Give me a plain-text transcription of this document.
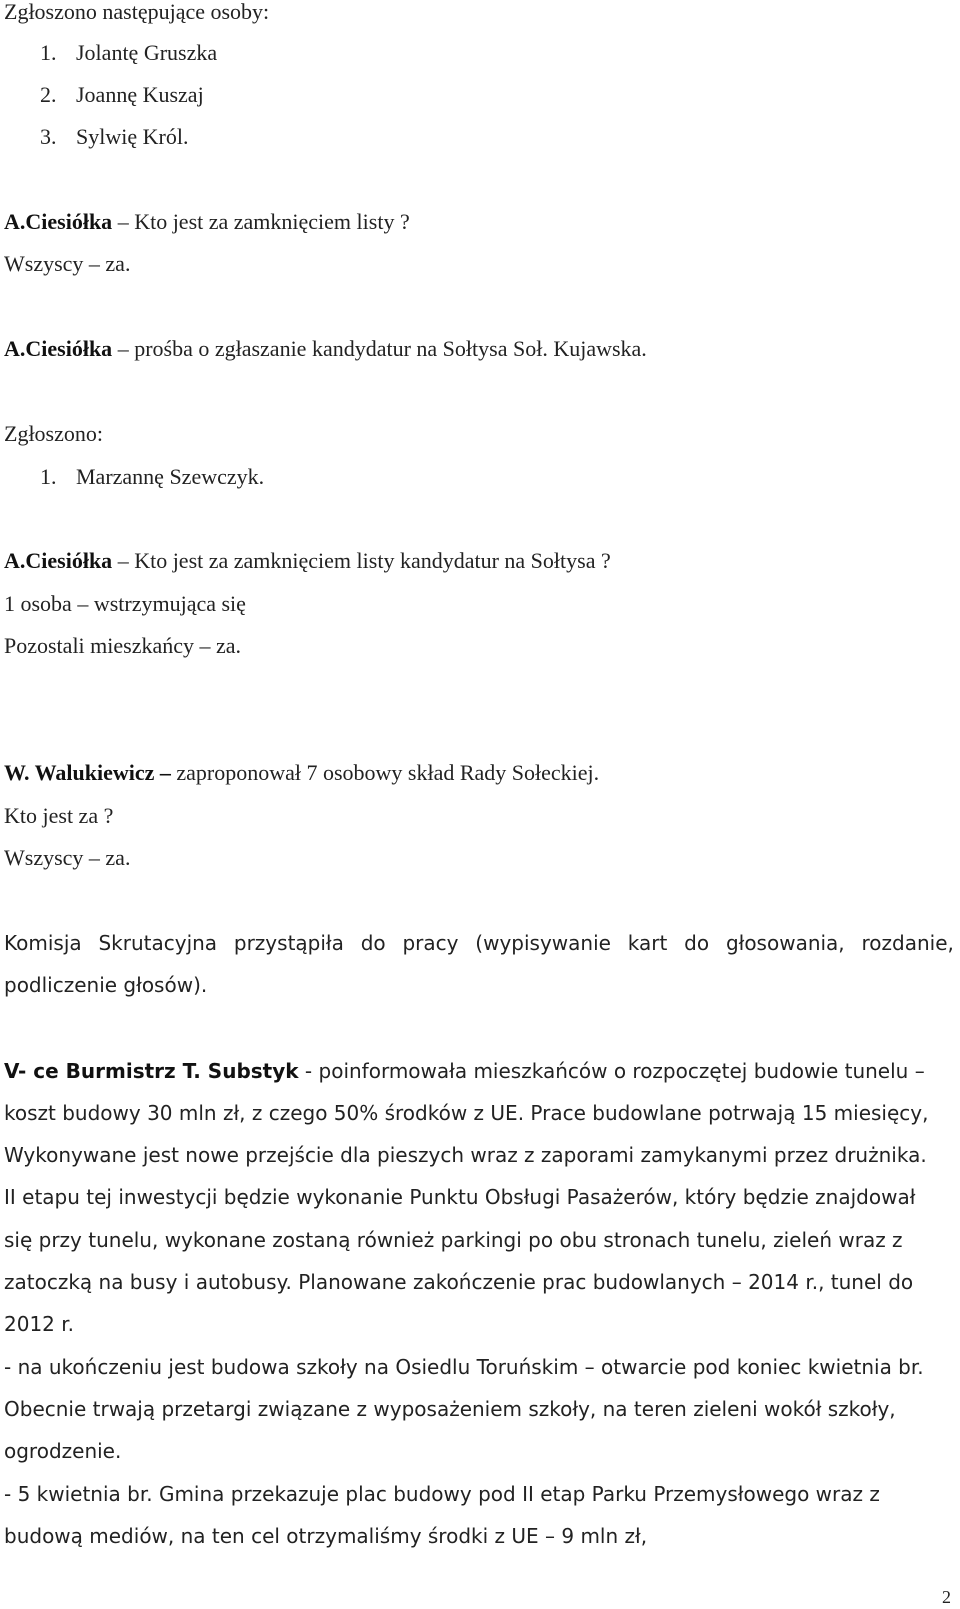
Zgłoszono następujące osoby:
1. Jolantę Gruszka
2. Joannę Kuszaj
3. Sylwię Król.
A.Ciesiółka – Kto jest za zamknięciem listy ?
Wszyscy – za.
A.Ciesiółka – prośba o zgłaszanie kandydatur na Sołtysa Soł. Kujawska.
Zgłoszono:
1. Marzannę Szewczyk.
A.Ciesiółka – Kto jest za zamknięciem listy kandydatur na Sołtysa ?
1 osoba – wstrzymująca się
Pozostali mieszkańcy – za.
W. Walukiewicz – zaproponował 7 osobowy skład Rady Sołeckiej.
Kto jest za ?
Wszyscy – za.
Komisja Skrutacyjna przystąpiła do pracy (wypisywanie kart do głosowania, rozdanie,
podliczenie głosów).
V- ce Burmistrz T. Substyk - poinformowała mieszkańców o rozpoczętej budowie tunelu –
koszt budowy 30 mln zł, z czego 50% środków z UE. Prace budowlane potrwają 15 miesięcy,
Wykonywane jest nowe przejście dla pieszych wraz z zaporami zamykanymi przez drużnika.
II etapu tej inwestycji będzie wykonanie Punktu Obsługi Pasażerów, który będzie znajdował
się przy tunelu, wykonane zostaną również parkingi po obu stronach tunelu, zieleń wraz z
zatoczką na busy i autobusy. Planowane zakończenie prac budowlanych – 2014 r., tunel do
2012 r.
- na ukończeniu jest budowa szkoły na Osiedlu Toruńskim – otwarcie pod koniec kwietnia br.
Obecnie trwają przetargi związane z wyposażeniem szkoły, na teren zieleni wokół szkoły,
ogrodzenie.
- 5 kwietnia br. Gmina przekazuje plac budowy pod II etap Parku Przemysłowego wraz z
budową mediów, na ten cel otrzymaliśmy środki z UE – 9 mln zł,
2
